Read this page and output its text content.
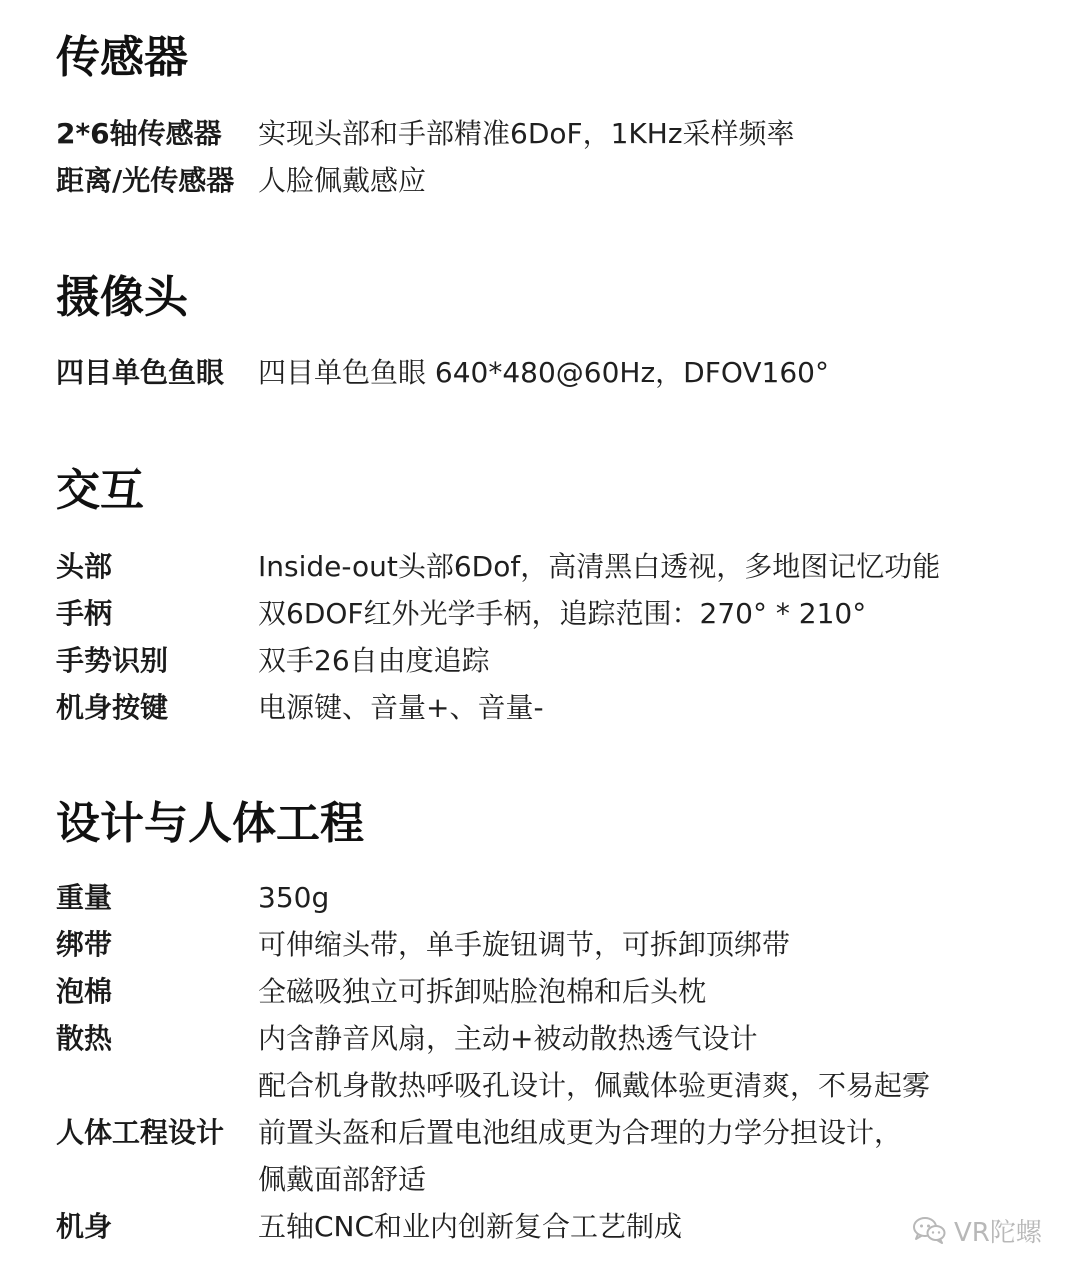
传感器
2*6轴传感器 实现头部和手部精准6DoF，1KHz采样频率
距离/光传感器 人脸佩戴感应
摄像头
四目单色鱼眼 四目单色鱼眼 640*480@60Hz，DFOV160°
交互
头部	Inside-out头部6Dof，高清黑白透视，多地图记忆功能
手柄	双6DOF红外光学手柄，追踪范围：270° * 210°
手势识别	双手26自由度追踪
机身按键	电源键、音量+、音量-
设计与人体工程
重量	350g
绑带	可伸缩头带，单手旋钮调节，可拆卸顶绑带
泡棉	全磁吸独立可拆卸贴脸泡棉和后头枕
散热	内含静音风扇，主动+被动散热透气设计
配合机身散热呼吸孔设计，佩戴体验更清爽，不易起雾
人体工程设计 前置头盔和后置电池组成更为合理的力学分担设计，
佩戴面部舒适
机身	五轴CNC和业内创新复合工艺制成	VR陀螺
